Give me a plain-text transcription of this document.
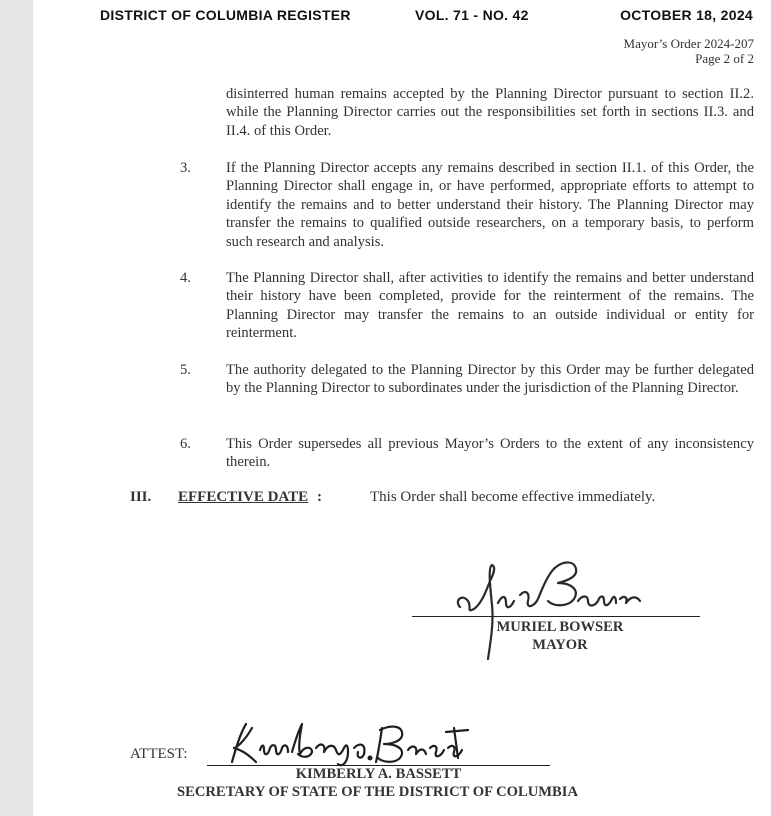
DISTRICT OF COLUMBIA REGISTER	VOL. 71 - NO. 42	OCTOBER 18, 2024
Mayor’s Order 2024-207
Page 2 of 2
disinterred human remains accepted by the Planning Director pursuant to section II.2. while the Planning Director carries out the responsibilities set forth in sections II.3. and II.4. of this Order.
3. If the Planning Director accepts any remains described in section II.1. of this Order, the Planning Director shall engage in, or have performed, appropriate efforts to attempt to identify the remains and to better understand their history. The Planning Director may transfer the remains to qualified outside researchers, on a temporary basis, to perform such research and analysis.
4. The Planning Director shall, after activities to identify the remains and better understand their history have been completed, provide for the reinterment of the remains. The Planning Director may transfer the remains to an outside individual or entity for reinterment.
5. The authority delegated to the Planning Director by this Order may be further delegated by the Planning Director to subordinates under the jurisdiction of the Planning Director.
6. This Order supersedes all previous Mayor’s Orders to the extent of any inconsistency therein.
III. EFFECTIVE DATE :	This Order shall become effective immediately.
MURIEL BOWSER
MAYOR
ATTEST:
KIMBERLY A. BASSETT
SECRETARY OF STATE OF THE DISTRICT OF COLUMBIA
